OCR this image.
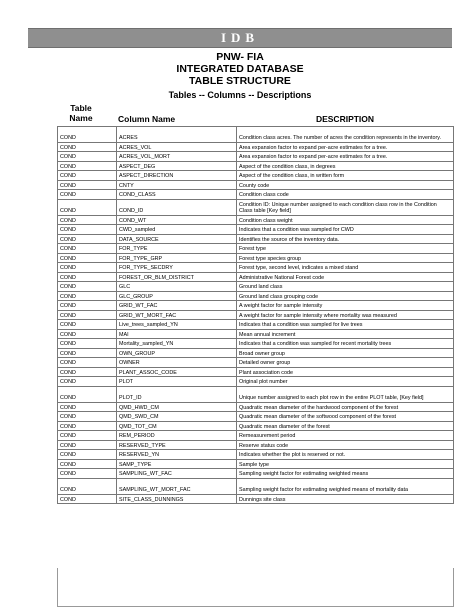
IDB
PNW- FIA
INTEGRATED DATABASE
TABLE STRUCTURE
Tables -- Columns -- Descriptions
Table Name	Column Name	DESCRIPTION
COND	ACRES	Condition class acres. The number of acres the condition represents in the inventory.
COND	ACRES_VOL	Area expansion factor to expand per-acre estimates for a tree.
COND	ACRES_VOL_MORT	Area expansion factor to expand per-acre estimates for a tree.
COND	ASPECT_DEG	Aspect of the condition class, in degrees
COND	ASPECT_DIRECTION	Aspect of the condition class, in written form
COND	CNTY	County code
COND	COND_CLASS	Condition class code
COND	COND_ID	Condition ID: Unique number assigned to each condition class row in the Condition Class table [Key field]
COND	COND_WT	Condition class weight
COND	CWD_sampled	Indicates that a condition was sampled for CWD
COND	DATA_SOURCE	Identifies the source of the inventory data.
COND	FOR_TYPE	Forest type
COND	FOR_TYPE_GRP	Forest type species group
COND	FOR_TYPE_SECDRY	Forest type, second level, indicates a mixed stand
COND	FOREST_OR_BLM_DISTRICT	Administrative National Forest code
COND	GLC	Ground land class
COND	GLC_GROUP	Ground land class grouping code
COND	GRID_WT_FAC	A weight factor for sample intensity
COND	GRID_WT_MORT_FAC	A weight factor for sample intensity where mortality was measured
COND	Live_trees_sampled_YN	Indicates that a condition was sampled for live trees
COND	MAI	Mean annual increment
COND	Mortality_sampled_YN	Indicates that a condition was sampled for recent mortality trees
COND	OWN_GROUP	Broad owner group
COND	OWNER	Detailed owner group
COND	PLANT_ASSOC_CODE	Plant association code
COND	PLOT	Original plot number
COND	PLOT_ID	Unique number assigned to each plot row in the entire PLOT table, [Key field]
COND	QMD_HWD_CM	Quadratic mean diameter of the hardwood component of the forest
COND	QMD_SWD_CM	Quadratic mean diameter of the softwood component of the forest
COND	QMD_TOT_CM	Quadratic mean diameter of the forest
COND	REM_PERIOD	Remeasurement period
COND	RESERVED_TYPE	Reserve status code
COND	RESERVED_YN	Indicates whether the plot is reserved or not.
COND	SAMP_TYPE	Sample type
COND	SAMPLING_WT_FAC	Sampling weight factor for estimating weighted means
COND	SAMPLING_WT_MORT_FAC	Sampling weight factor for estimating weighted means of mortality data
COND	SITE_CLASS_DUNNINGS	Dunnings site class
